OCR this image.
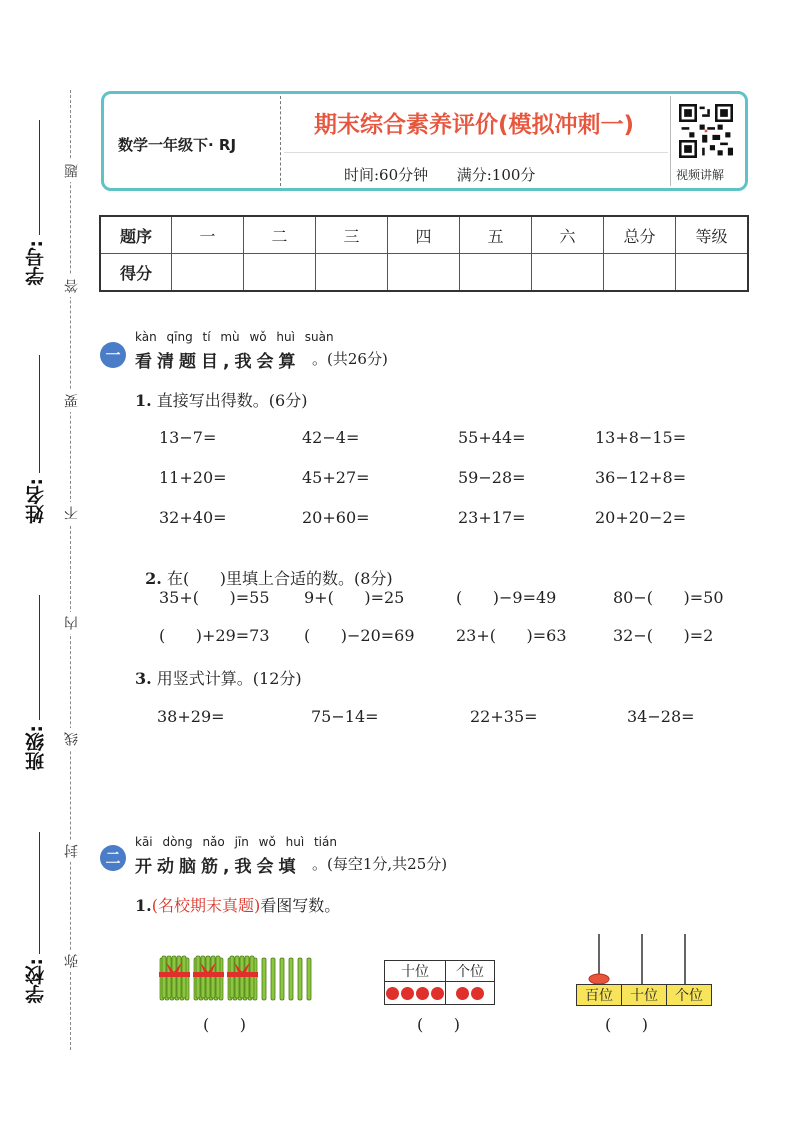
学号:
姓名:
班级:
学校:
题
答
要
不
内
线
封
弥
数学一年级下· RJ
期末综合素养评价(模拟冲刺一)
时间:60分钟      满分:100分	视频讲解
题序	一	二	三	四	五	六	总分	等级
得分								
一
kàn qīng tí mù wǒ huì suàn
看清题目,我会算 。(共26分)
1. 直接写出得数。(6分)
13−7=	42−4=	55+44=	13+8−15=
11+20=	45+27=	59−28=	36−12+8=
32+40=	20+60=	23+17=	20+20−2=

2. 在(      )里填上合适的数。(8分)

35+(      )=55 9+(      )=25	(      )−9=49	80−(      )=50
(      )+29=73 (      )−20=69	23+(      )=63	32−(      )=2
3. 用竖式计算。(12分)
38+29=	75−14=	22+35=	34−28=
二
kāi dòng nǎo jīn wǒ huì tián
开动脑筋,我会填 。(每空1分,共25分)
1.(名校期末真题)看图写数。
(      )
十位	个位

(      )
百位	十位	个位
(      )
